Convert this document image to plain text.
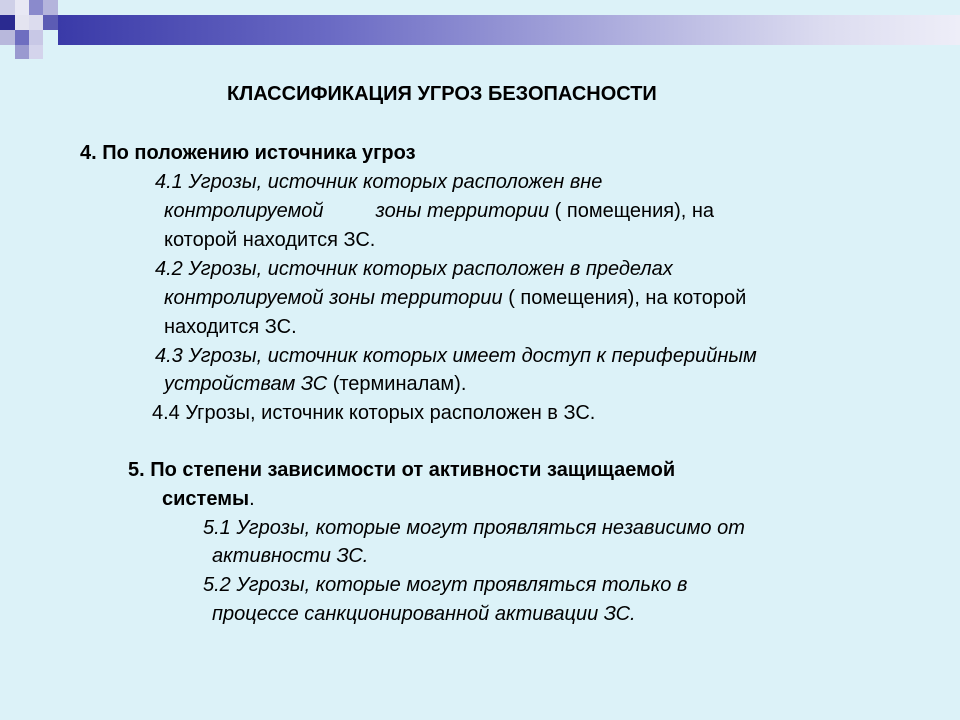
КЛАССИФИКАЦИЯ УГРОЗ БЕЗОПАСНОСТИ
4. По положению источника угроз
4.1 Угрозы, источник которых расположен вне
контролируемой	зоны территории ( помещения), на
которой находится ЗС.
4.2 Угрозы, источник которых расположен в пределах
контролируемой зоны территории ( помещения), на которой
находится ЗС.
4.3 Угрозы, источник которых имеет доступ к периферийным
устройствам ЗС (терминалам).
4.4 Угрозы, источник которых расположен в ЗС.
5. По степени зависимости от активности защищаемой
системы.
5.1 Угрозы, которые могут проявляться независимо от
активности ЗС.
5.2 Угрозы, которые могут проявляться только в
процессе санкционированной активации ЗС.
